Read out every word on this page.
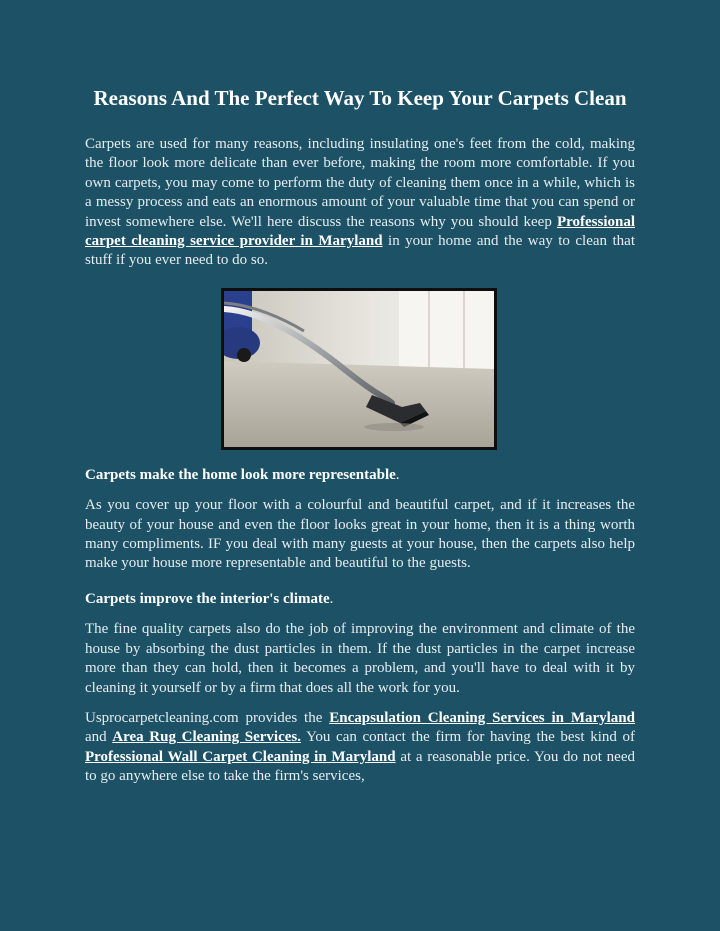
Reasons And The Perfect Way To Keep Your Carpets Clean

Carpets are used for many reasons, including insulating one's feet from the cold, making the floor look more delicate than ever before, making the room more comfortable. If you own carpets, you may come to perform the duty of cleaning them once in a while, which is a messy process and eats an enormous amount of your valuable time that you can spend or invest somewhere else. We'll here discuss the reasons why you should keep Professional carpet cleaning service provider in Maryland in your home and the way to clean that stuff if you ever need to do so.

Carpets make the home look more representable.

As you cover up your floor with a colourful and beautiful carpet, and if it increases the beauty of your house and even the floor looks great in your home, then it is a thing worth many compliments. IF you deal with many guests at your house, then the carpets also help make your house more representable and beautiful to the guests.

Carpets improve the interior's climate.

The fine quality carpets also do the job of improving the environment and climate of the house by absorbing the dust particles in them. If the dust particles in the carpet increase more than they can hold, then it becomes a problem, and you'll have to deal with it by cleaning it yourself or by a firm that does all the work for you.

Usprocarpetcleaning.com provides the Encapsulation Cleaning Services in Maryland and Area Rug Cleaning Services. You can contact the firm for having the best kind of Professional Wall Carpet Cleaning in Maryland at a reasonable price. You do not need to go anywhere else to take the firm's services,
